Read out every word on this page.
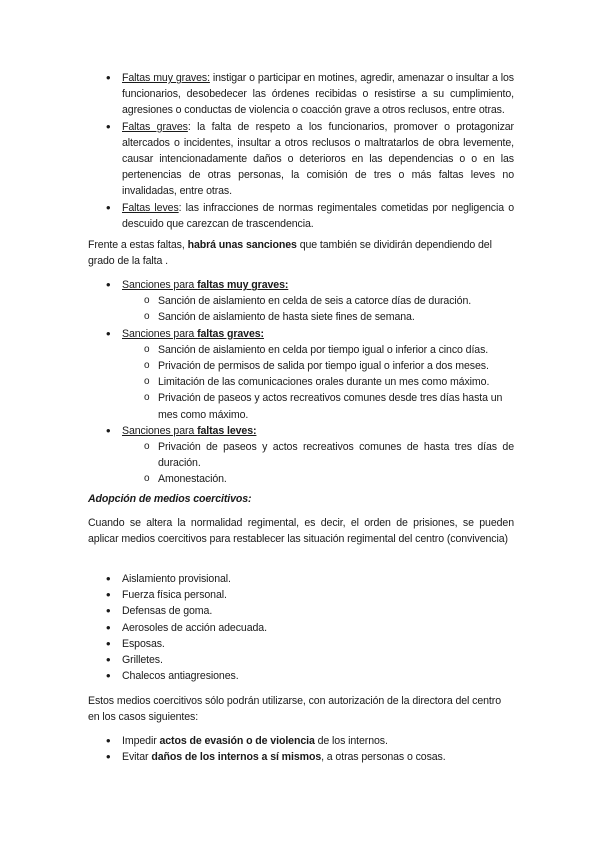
• Faltas muy graves: instigar o participar en motines, agredir, amenazar o insultar a los funcionarios, desobedecer las órdenes recibidas o resistirse a su cumplimiento, agresiones o conductas de violencia o coacción grave a otros reclusos, entre otras.
• Faltas graves: la falta de respeto a los funcionarios, promover o protagonizar altercados o incidentes, insultar a otros reclusos o maltratarlos de obra levemente, causar intencionadamente daños o deterioros en las dependencias o o en las pertenencias de otras personas, la comisión de tres o más faltas leves no invalidadas, entre otras.
• Faltas leves: las infracciones de normas regimentales cometidas por negligencia o descuido que carezcan de trascendencia.

Frente a estas faltas, habrá unas sanciones que también se dividirán dependiendo del grado de la falta .

• Sanciones para faltas muy graves:
o Sanción de aislamiento en celda de seis a catorce días de duración.
o Sanción de aislamiento de hasta siete fines de semana.
• Sanciones para faltas graves:
o Sanción de aislamiento en celda por tiempo igual o inferior a cinco días.
o Privación de permisos de salida por tiempo igual o inferior a dos meses.
o Limitación de las comunicaciones orales durante un mes como máximo.
o Privación de paseos y actos recreativos comunes desde tres días hasta un mes como máximo.
• Sanciones para faltas leves:
o Privación de paseos y actos recreativos comunes de hasta tres días de duración.
o Amonestación.
Adopción de medios coercitivos:

Cuando se altera la normalidad regimental, es decir, el orden de prisiones, se pueden aplicar medios coercitivos para restablecer las situación regimental del centro (convivencia)

• Aislamiento provisional.
• Fuerza física personal.
• Defensas de goma.
• Aerosoles de acción adecuada.
• Esposas.
• Grilletes.
• Chalecos antiagresiones.

Estos medios coercitivos sólo podrán utilizarse, con autorización de la directora del centro en los casos siguientes:

• Impedir actos de evasión o de violencia de los internos.
• Evitar daños de los internos a sí mismos, a otras personas o cosas.
